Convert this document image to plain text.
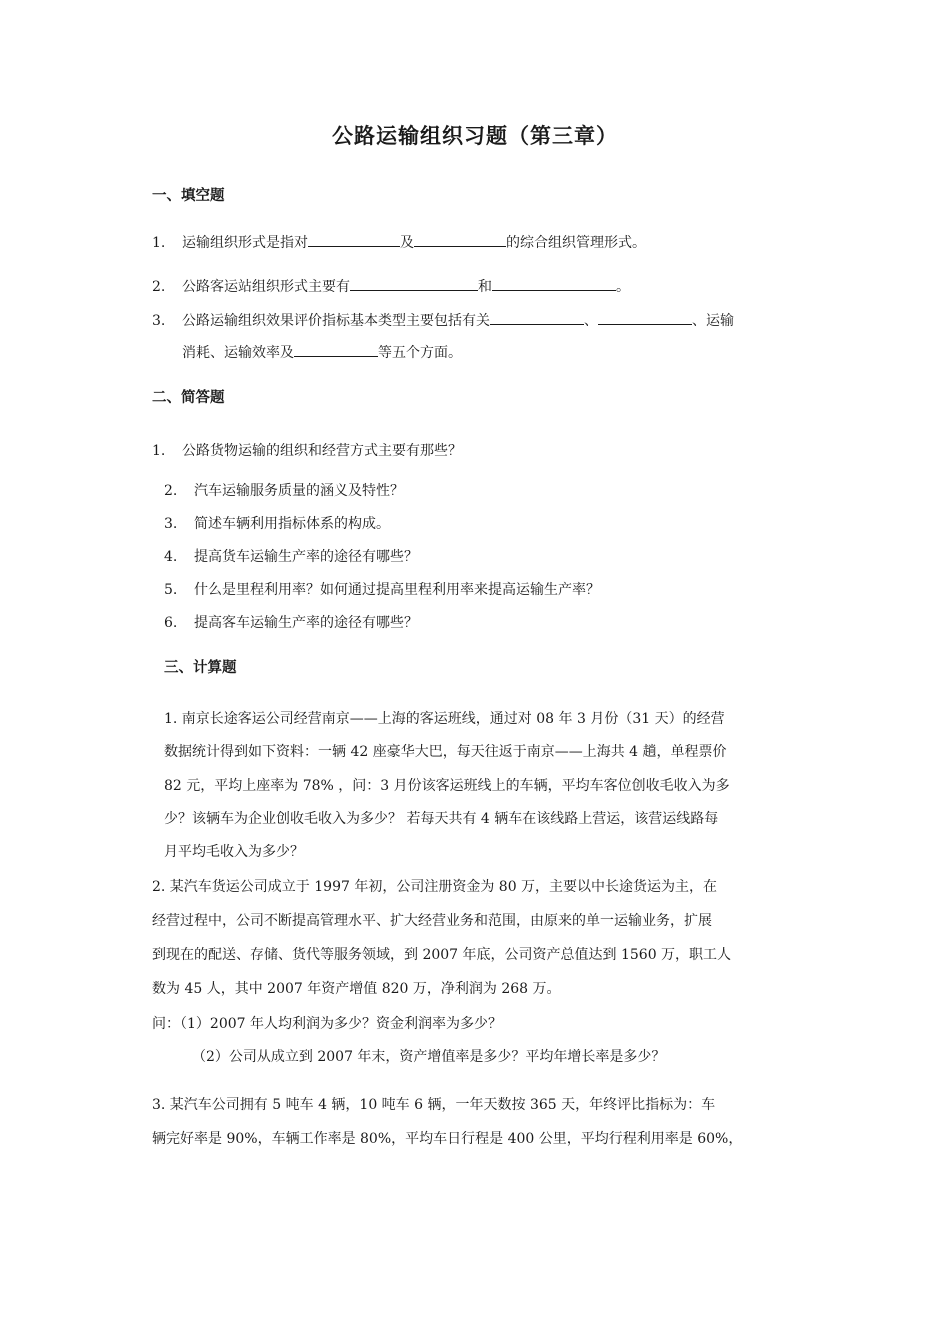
公路运输组织习题（第三章）
一、填空题
1. 运输组织形式是指对	及	的综合组织管理形式。
2. 公路客运站组织形式主要有	和	。
3. 公路运输组织效果评价指标基本类型主要包括有关	、	、运输
消耗、运输效率及	等五个方面。
二、简答题
1. 公路货物运输的组织和经营方式主要有那些？
2. 汽车运输服务质量的涵义及特性？
3. 简述车辆利用指标体系的构成。
4. 提高货车运输生产率的途径有哪些？
5. 什么是里程利用率？如何通过提高里程利用率来提高运输生产率？
6. 提高客车运输生产率的途径有哪些？
三、计算题
1. 南京长途客运公司经营南京——上海的客运班线，通过对 08 年 3 月份（31 天）的经营
数据统计得到如下资料：一辆 42 座豪华大巴，每天往返于南京——上海共 4 趟，单程票价
82 元，平均上座率为 78% ，问：3 月份该客运班线上的车辆，平均车客位创收毛收入为多
少？该辆车为企业创收毛收入为多少？ 若每天共有 4 辆车在该线路上营运，该营运线路每
月平均毛收入为多少？
2. 某汽车货运公司成立于 1997 年初，公司注册资金为 80 万，主要以中长途货运为主，在
经营过程中，公司不断提高管理水平、扩大经营业务和范围，由原来的单一运输业务，扩展
到现在的配送、存储、货代等服务领域，到 2007 年底，公司资产总值达到 1560 万，职工人
数为 45 人，其中 2007 年资产增值 820 万，净利润为 268 万。
问：（1）2007 年人均利润为多少？资金利润率为多少？
（2）公司从成立到 2007 年末，资产增值率是多少？平均年增长率是多少？
3. 某汽车公司拥有 5 吨车 4 辆，10 吨车 6 辆，一年天数按 365 天，年终评比指标为：车
辆完好率是 90%，车辆工作率是 80%，平均车日行程是 400 公里，平均行程利用率是 60%，
